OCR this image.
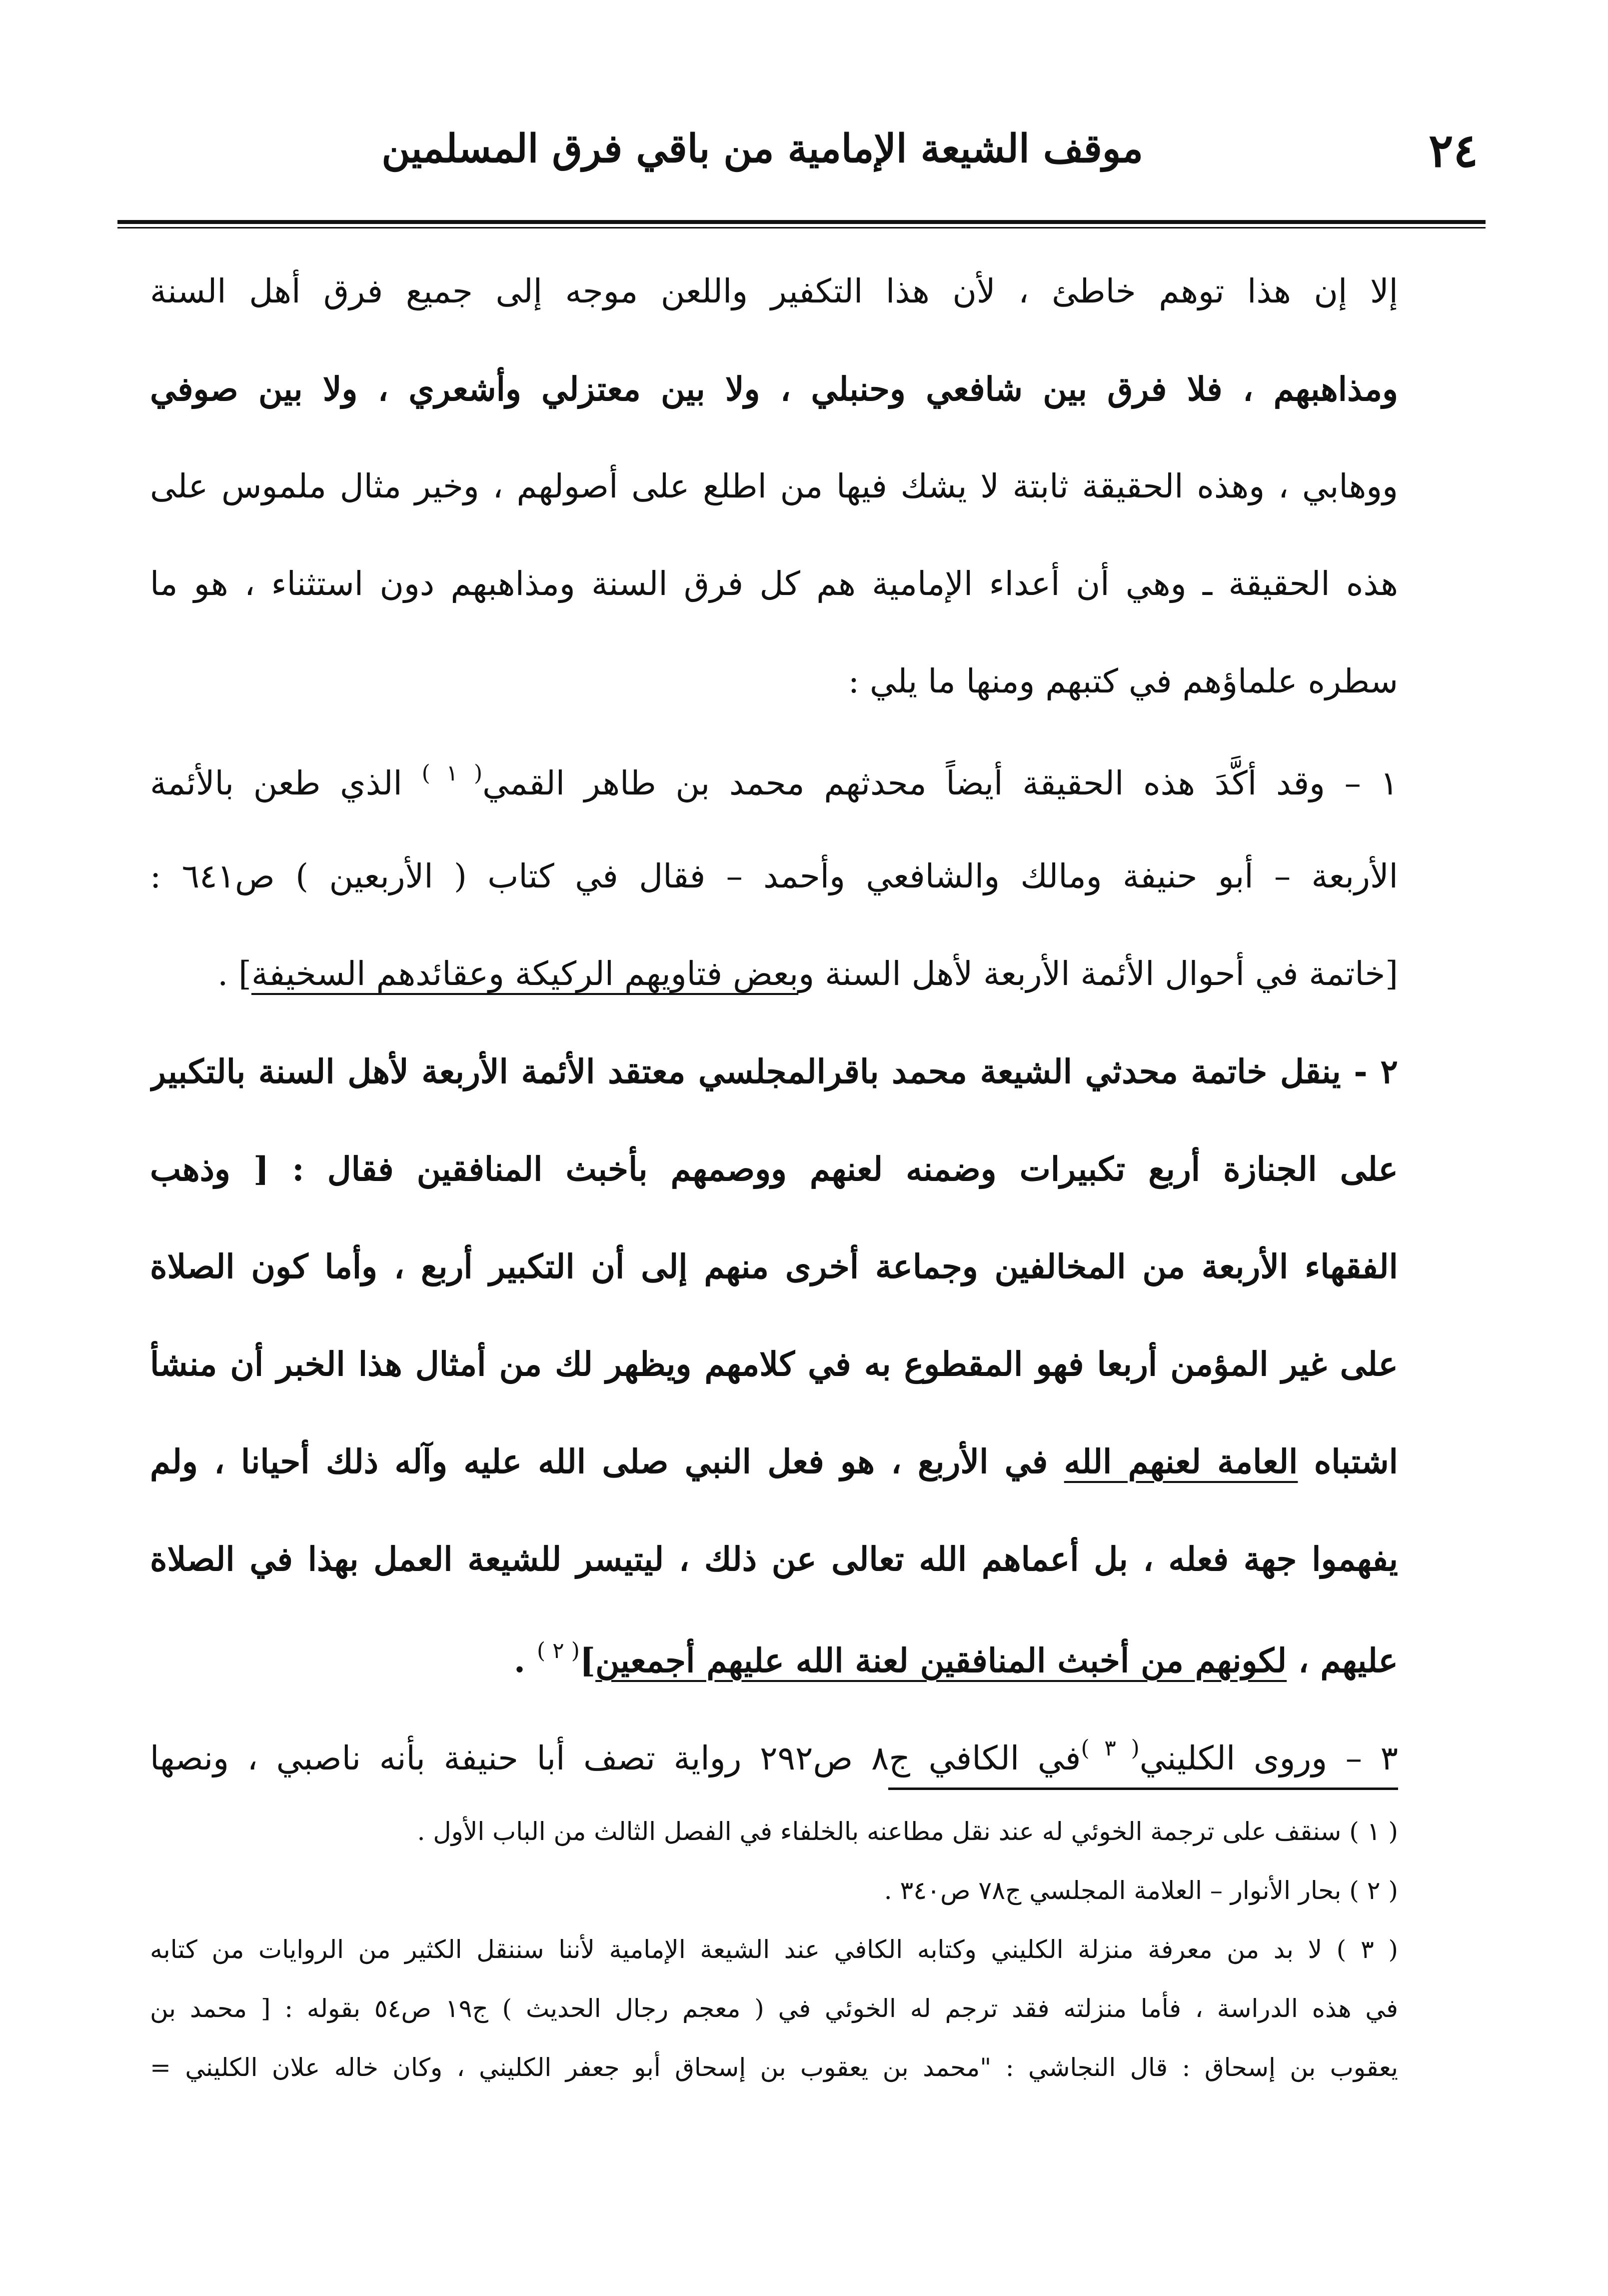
٢٤
موقف الشيعة الإمامية من باقي فرق المسلمين
إلا إن هذا توهم خاطئ ، لأن هذا التكفير واللعن موجه إلى جميع فرق أهل السنة
ومذاهبهم ، فلا فرق بين شافعي وحنبلي ، ولا بين معتزلي وأشعري ، ولا بين صوفي
ووهابي ، وهذه الحقيقة ثابتة لا يشك فيها من اطلع على أصولهم ، وخير مثال ملموس على
هذه الحقيقة ـ وهي أن أعداء الإمامية هم كل فرق السنة ومذاهبهم دون استثناء ، هو ما
سطره علماؤهم في كتبهم ومنها ما يلي :
١ – وقد أكَّدَ هذه الحقيقة أيضاً محدثهم محمد بن طاهر القمي$^{( ١ )}$ الذي طعن بالأئمة
الأربعة – أبو حنيفة ومالك والشافعي وأحمد – فقال في كتاب ( الأربعين ) ص٦٤١ :
[خاتمة في أحوال الأئمة الأربعة لأهل السنة وبعض فتاويهم الركيكة وعقائدهم السخيفة] .
٢ - ينقل خاتمة محدثي الشيعة محمد باقرالمجلسي معتقد الأئمة الأربعة لأهل السنة بالتكبير
على الجنازة أربع تكبيرات وضمنه لعنهم ووصمهم بأخبث المنافقين فقال : [ وذهب
الفقهاء الأربعة من المخالفين وجماعة أخرى منهم إلى أن التكبير أربع ، وأما كون الصلاة
على غير المؤمن أربعا فهو المقطوع به في كلامهم ويظهر لك من أمثال هذا الخبر أن منشأ
اشتباه العامة لعنهم الله في الأربع ، هو فعل النبي صلى الله عليه وآله ذلك أحيانا ، ولم
يفهموا جهة فعله ، بل أعماهم الله تعالى عن ذلك ، ليتيسر للشيعة العمل بهذا في الصلاة
عليهم ، لكونهم من أخبث المنافقين لعنة الله عليهم أجمعين]$^{( ٢ )}$ .
٣ – وروى الكليني$^{( ٣ )}$في الكافي ج٨ ص٢٩٢ رواية تصف أبا حنيفة بأنه ناصبي ، ونصها
( ١ ) سنقف على ترجمة الخوئي له عند نقل مطاعنه بالخلفاء في الفصل الثالث من الباب الأول .
( ٢ ) بحار الأنوار – العلامة المجلسي ج٧٨ ص٣٤٠ .
( ٣ ) لا بد من معرفة منزلة الكليني وكتابه الكافي عند الشيعة الإمامية لأننا سننقل الكثير من الروايات من كتابه
في هذه الدراسة ، فأما منزلته فقد ترجم له الخوئي في ( معجم رجال الحديث ) ج١٩ ص٥٤ بقوله : [ محمد بن
يعقوب بن إسحاق : قال النجاشي : "محمد بن يعقوب بن إسحاق أبو جعفر الكليني ، وكان خاله علان الكليني =
